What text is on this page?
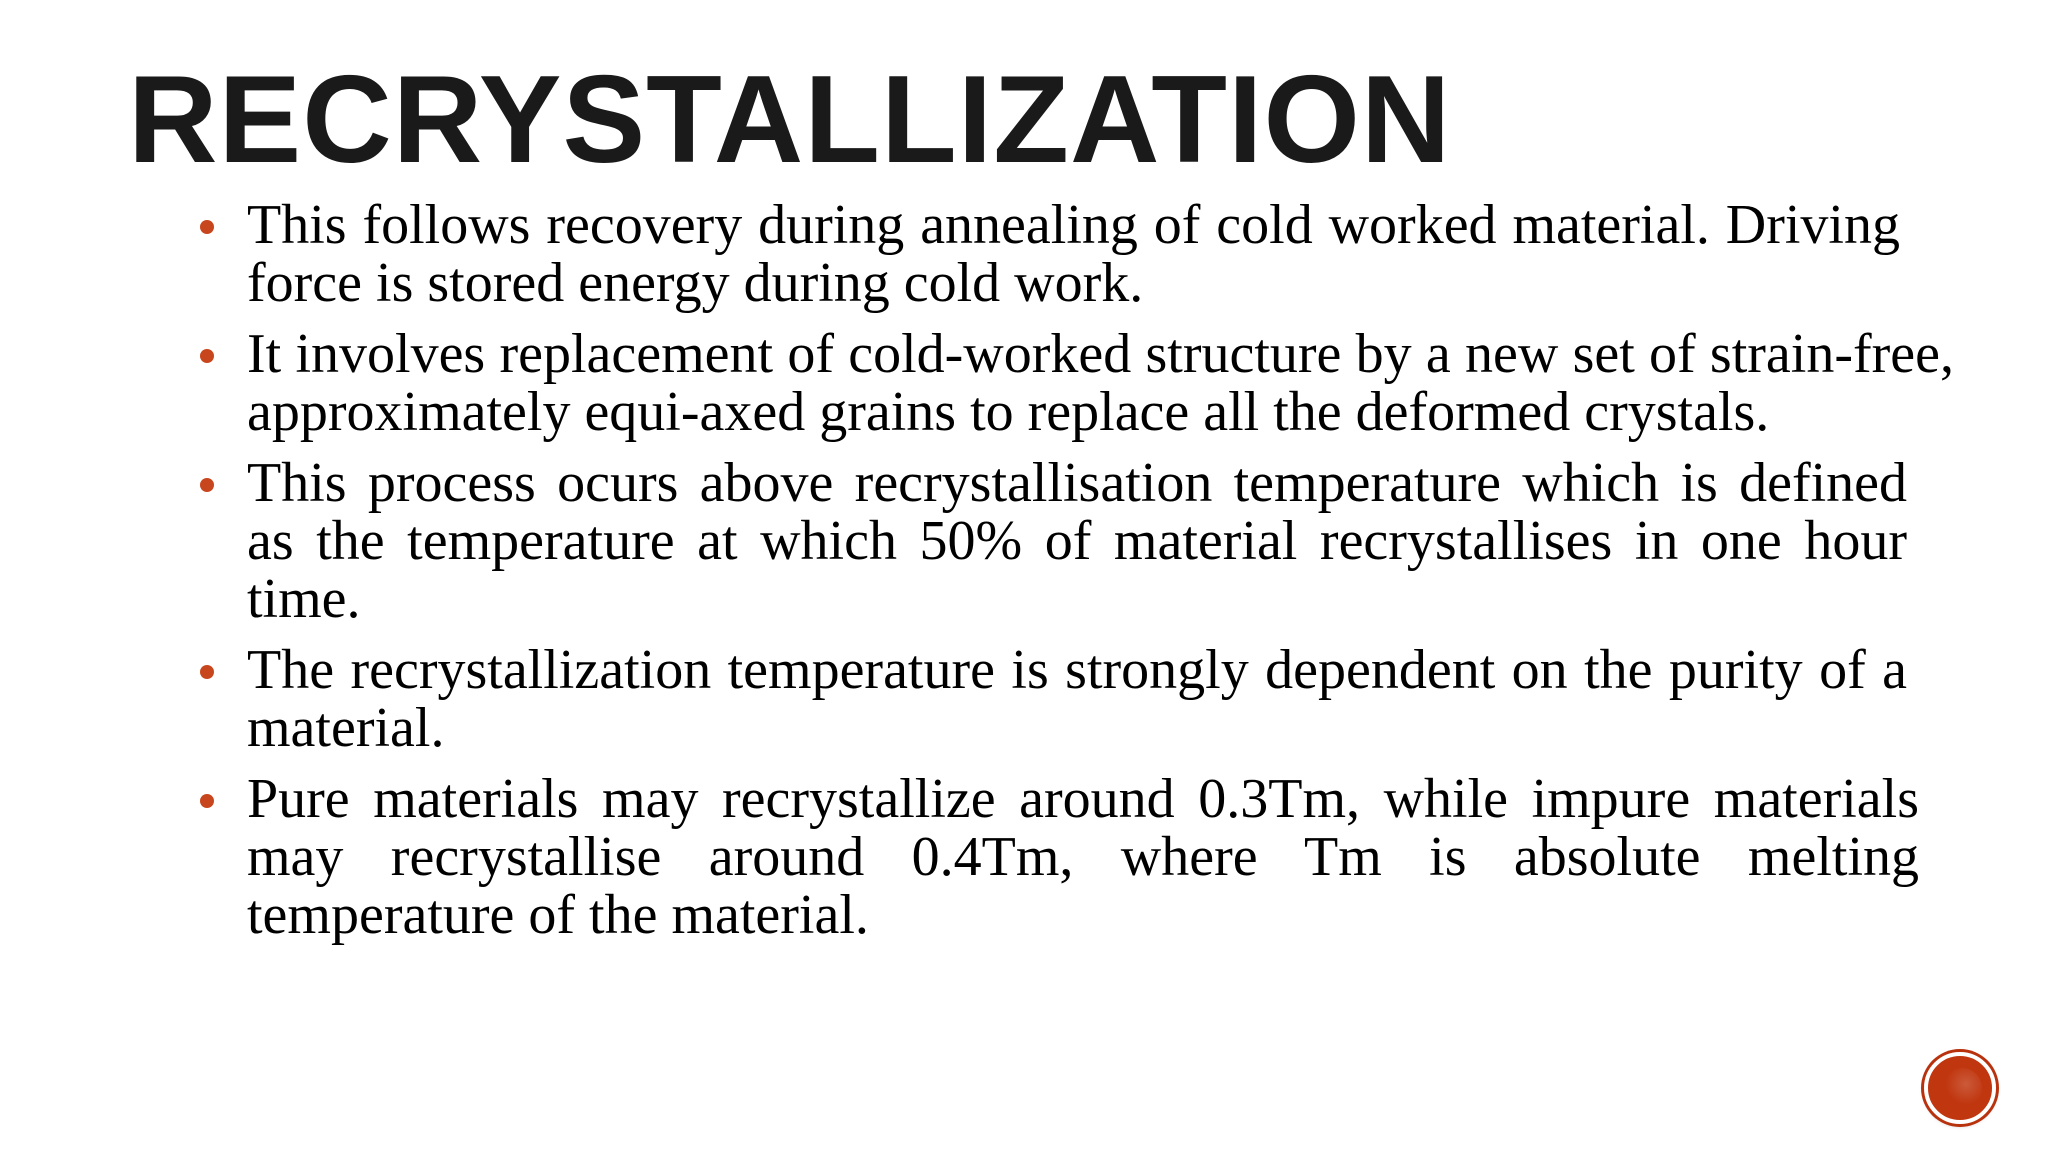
RECRYSTALLIZATION
This follows recovery during annealing of cold worked material. Driving force is stored energy during cold work.
It involves replacement of cold-worked structure by a new set of strain-free, approximately equi-axed grains to replace all the deformed crystals.
This process ocurs above recrystallisation temperature which is defined as the temperature at which 50% of material recrystallises in one hour time.
The recrystallization temperature is strongly dependent on the purity of a material.
Pure materials may recrystallize around 0.3Tm, while impure materials may recrystallise around 0.4Tm, where Tm is absolute melting temperature of the material.
